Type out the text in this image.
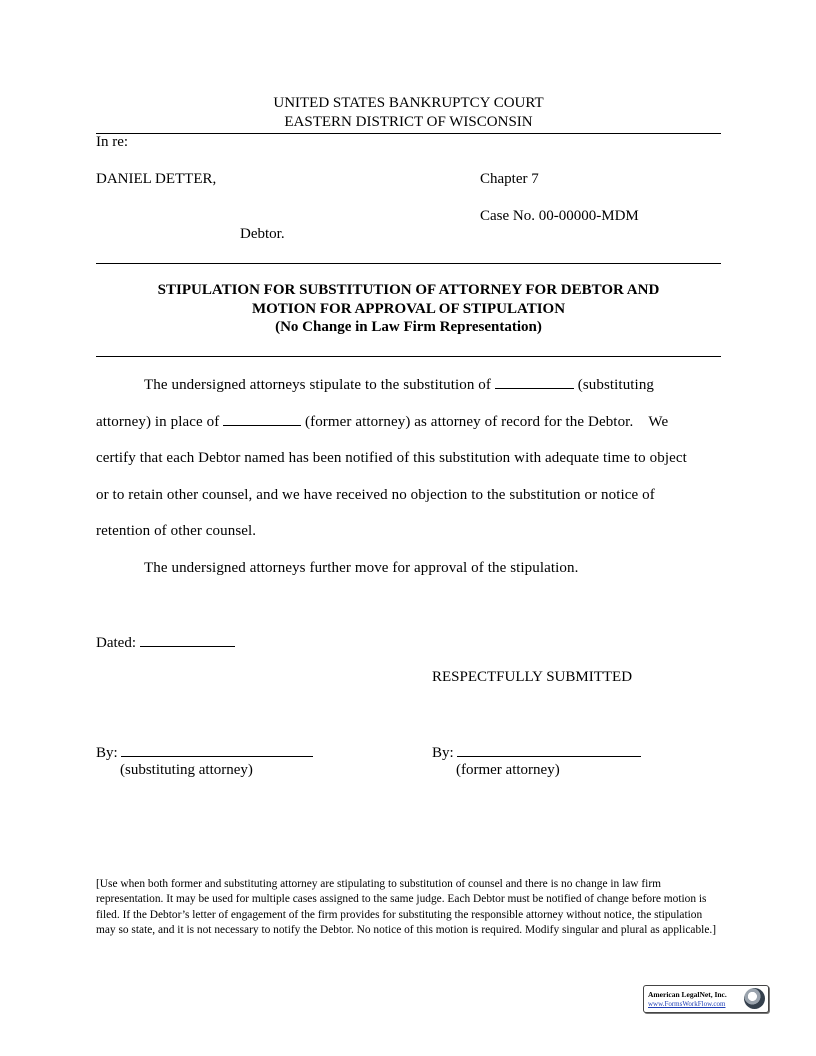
UNITED STATES BANKRUPTCY COURT
EASTERN DISTRICT OF WISCONSIN
In re:
DANIEL DETTER,	Chapter 7
Case No. 00-00000-MDM
Debtor.
STIPULATION FOR SUBSTITUTION OF ATTORNEY FOR DEBTOR AND
MOTION FOR APPROVAL OF STIPULATION
(No Change in Law Firm Representation)
The undersigned attorneys stipulate to the substitution of	(substituting
attorney) in place of	(former attorney) as attorney of record for the Debtor.    We
certify that each Debtor named has been notified of this substitution with adequate time to object
or to retain other counsel, and we have received no objection to the substitution or notice of
retention of other counsel.
The undersigned attorneys further move for approval of the stipulation.
Dated:
RESPECTFULLY SUBMITTED
By:
(substituting attorney)
By:
(former attorney)
[Use when both former and substituting attorney are stipulating to substitution of counsel and there is no change in law firm representation. It may be used for multiple cases assigned to the same judge. Each Debtor must be notified of change before motion is filed. If the Debtor’s letter of engagement of the firm provides for substituting the responsible attorney without notice, the stipulation may so state, and it is not necessary to notify the Debtor. No notice of this motion is required. Modify singular and plural as applicable.]
American LegalNet, Inc.
www.FormsWorkFlow.com
